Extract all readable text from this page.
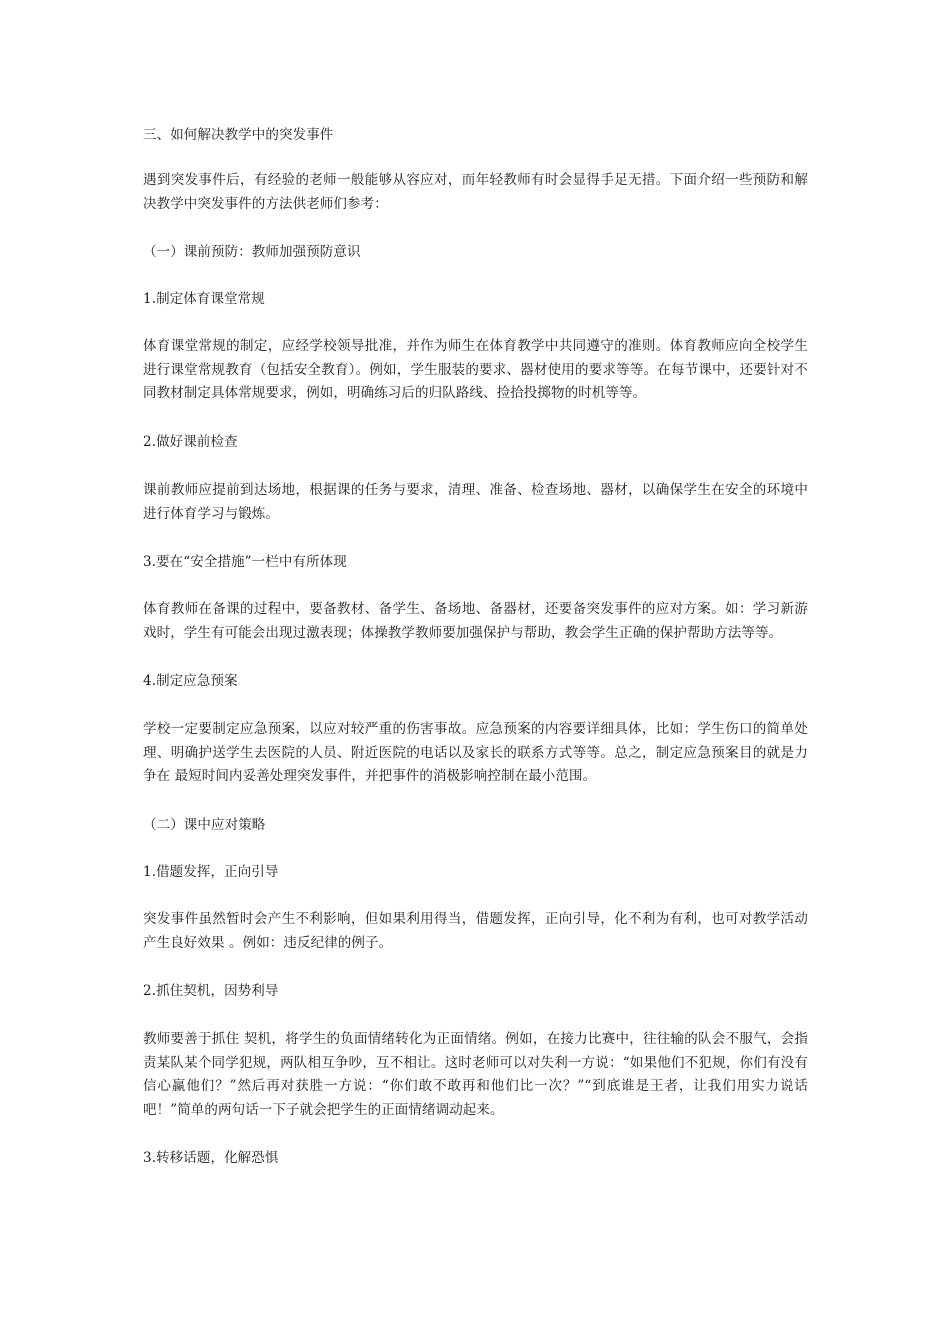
三、如何解决教学中的突发事件

遇到突发事件后，有经验的老师一般能够从容应对，而年轻教师有时会显得手足无措。下面介绍一些预防和解决教学中突发事件的方法供老师们参考：

（一）课前预防：教师加强预防意识

1.制定体育课堂常规

体育课堂常规的制定，应经学校领导批准，并作为师生在体育教学中共同遵守的准则。体育教师应向全校学生进行课堂常规教育（包括安全教育）。例如，学生服装的要求、器材使用的要求等等。在每节课中，还要针对不同教材制定具体常规要求，例如，明确练习后的归队路线、捡拾投掷物的时机等等。

2.做好课前检查

课前教师应提前到达场地，根据课的任务与要求，清理、准备、检查场地、器材，以确保学生在安全的环境中进行体育学习与锻炼。

3.要在“安全措施”一栏中有所体现

体育教师在备课的过程中，要备教材、备学生、备场地、备器材，还要备突发事件的应对方案。如：学习新游戏时，学生有可能会出现过激表现；体操教学教师要加强保护与帮助，教会学生正确的保护帮助方法等等。

4.制定应急预案

学校一定要制定应急预案，以应对较严重的伤害事故。应急预案的内容要详细具体，比如：学生伤口的简单处理、明确护送学生去医院的人员、附近医院的电话以及家长的联系方式等等。总之，制定应急预案目的就是力争在 最短时间内妥善处理突发事件，并把事件的消极影响控制在最小范围。

（二）课中应对策略

1.借题发挥，正向引导

突发事件虽然暂时会产生不利影响，但如果利用得当，借题发挥，正向引导，化不利为有利，也可对教学活动产生良好效果 。例如：违反纪律的例子。

2.抓住契机，因势利导

教师要善于抓住 契机，将学生的负面情绪转化为正面情绪。例如，在接力比赛中，往往输的队会不服气，会指责某队某个同学犯规，两队相互争吵，互不相让。这时老师可以对失利一方说：“如果他们不犯规，你们有没有信心赢他们？”然后再对获胜一方说：“你们敢不敢再和他们比一次？”“到底谁是王者，让我们用实力说话吧！”简单的两句话一下子就会把学生的正面情绪调动起来。

3.转移话题，化解恐惧
